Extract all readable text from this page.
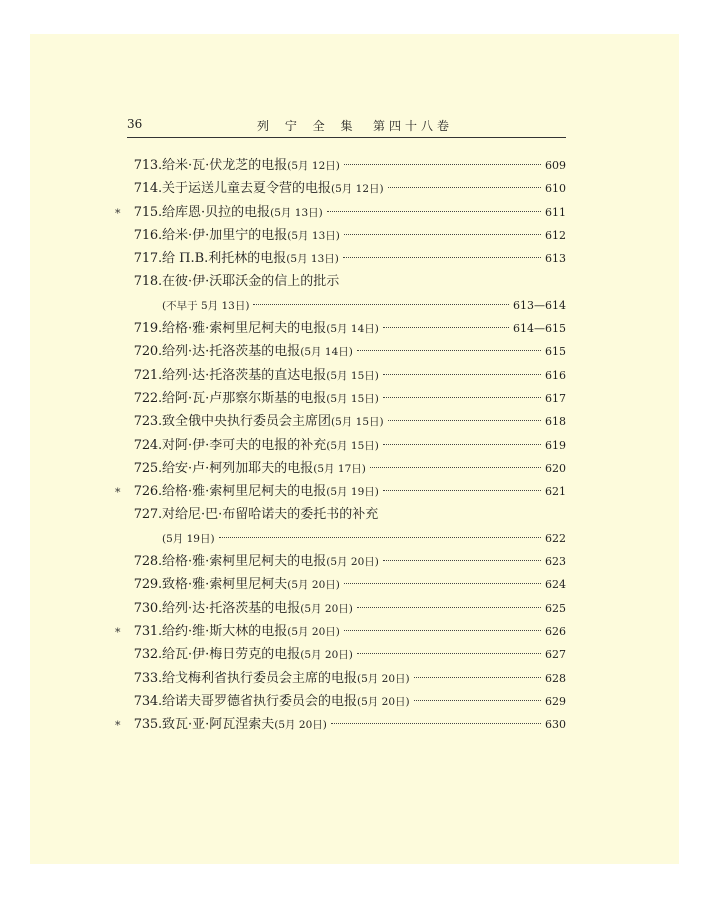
36	列 宁 全 集 第四十八卷
713 . 给米·瓦·伏龙芝的电报 ( 5月 12日 )	609
714 . 关于运送儿童去夏令营的电报 ( 5月 12日 )	610
*	715 . 给库恩·贝拉的电报 ( 5月 13日 )	611
716 . 给米·伊·加里宁的电报 ( 5月 13日 )	612
717 . 给 П.В.利托林的电报 ( 5月 13日 )	613
718 . 在彼·伊·沃耶沃金的信上的批示
( 不早于 5月 13日 )	613—614
719 . 给格·雅·索柯里尼柯夫的电报 ( 5月 14日 )	614—615
720 . 给列·达·托洛茨基的电报 ( 5月 14日 )	615
721 . 给列·达·托洛茨基的直达电报 ( 5月 15日 )	616
722 . 给阿·瓦·卢那察尔斯基的电报 ( 5月 15日 )	617
723 . 致全俄中央执行委员会主席团 ( 5月 15日 )	618
724 . 对阿·伊·李可夫的电报的补充 ( 5月 15日 )	619
725 . 给安·卢·柯列加耶夫的电报 ( 5月 17日 )	620
*	726 . 给格·雅·索柯里尼柯夫的电报 ( 5月 19日 )	621
727 . 对给尼·巴·布留哈诺夫的委托书的补充
( 5月 19日 )	622
728 . 给格·雅·索柯里尼柯夫的电报 ( 5月 20日 )	623
729 . 致格·雅·索柯里尼柯夫 ( 5月 20日 )	624
730 . 给列·达·托洛茨基的电报 ( 5月 20日 )	625
*	731 . 给约·维·斯大林的电报 ( 5月 20日 )	626
732 . 给瓦·伊·梅日劳克的电报 ( 5月 20日 )	627
733 . 给戈梅利省执行委员会主席的电报 ( 5月 20日 )	628
734 . 给诺夫哥罗德省执行委员会的电报 ( 5月 20日 )	629
*	735 . 致瓦·亚·阿瓦涅索夫 ( 5月 20日 )	630
